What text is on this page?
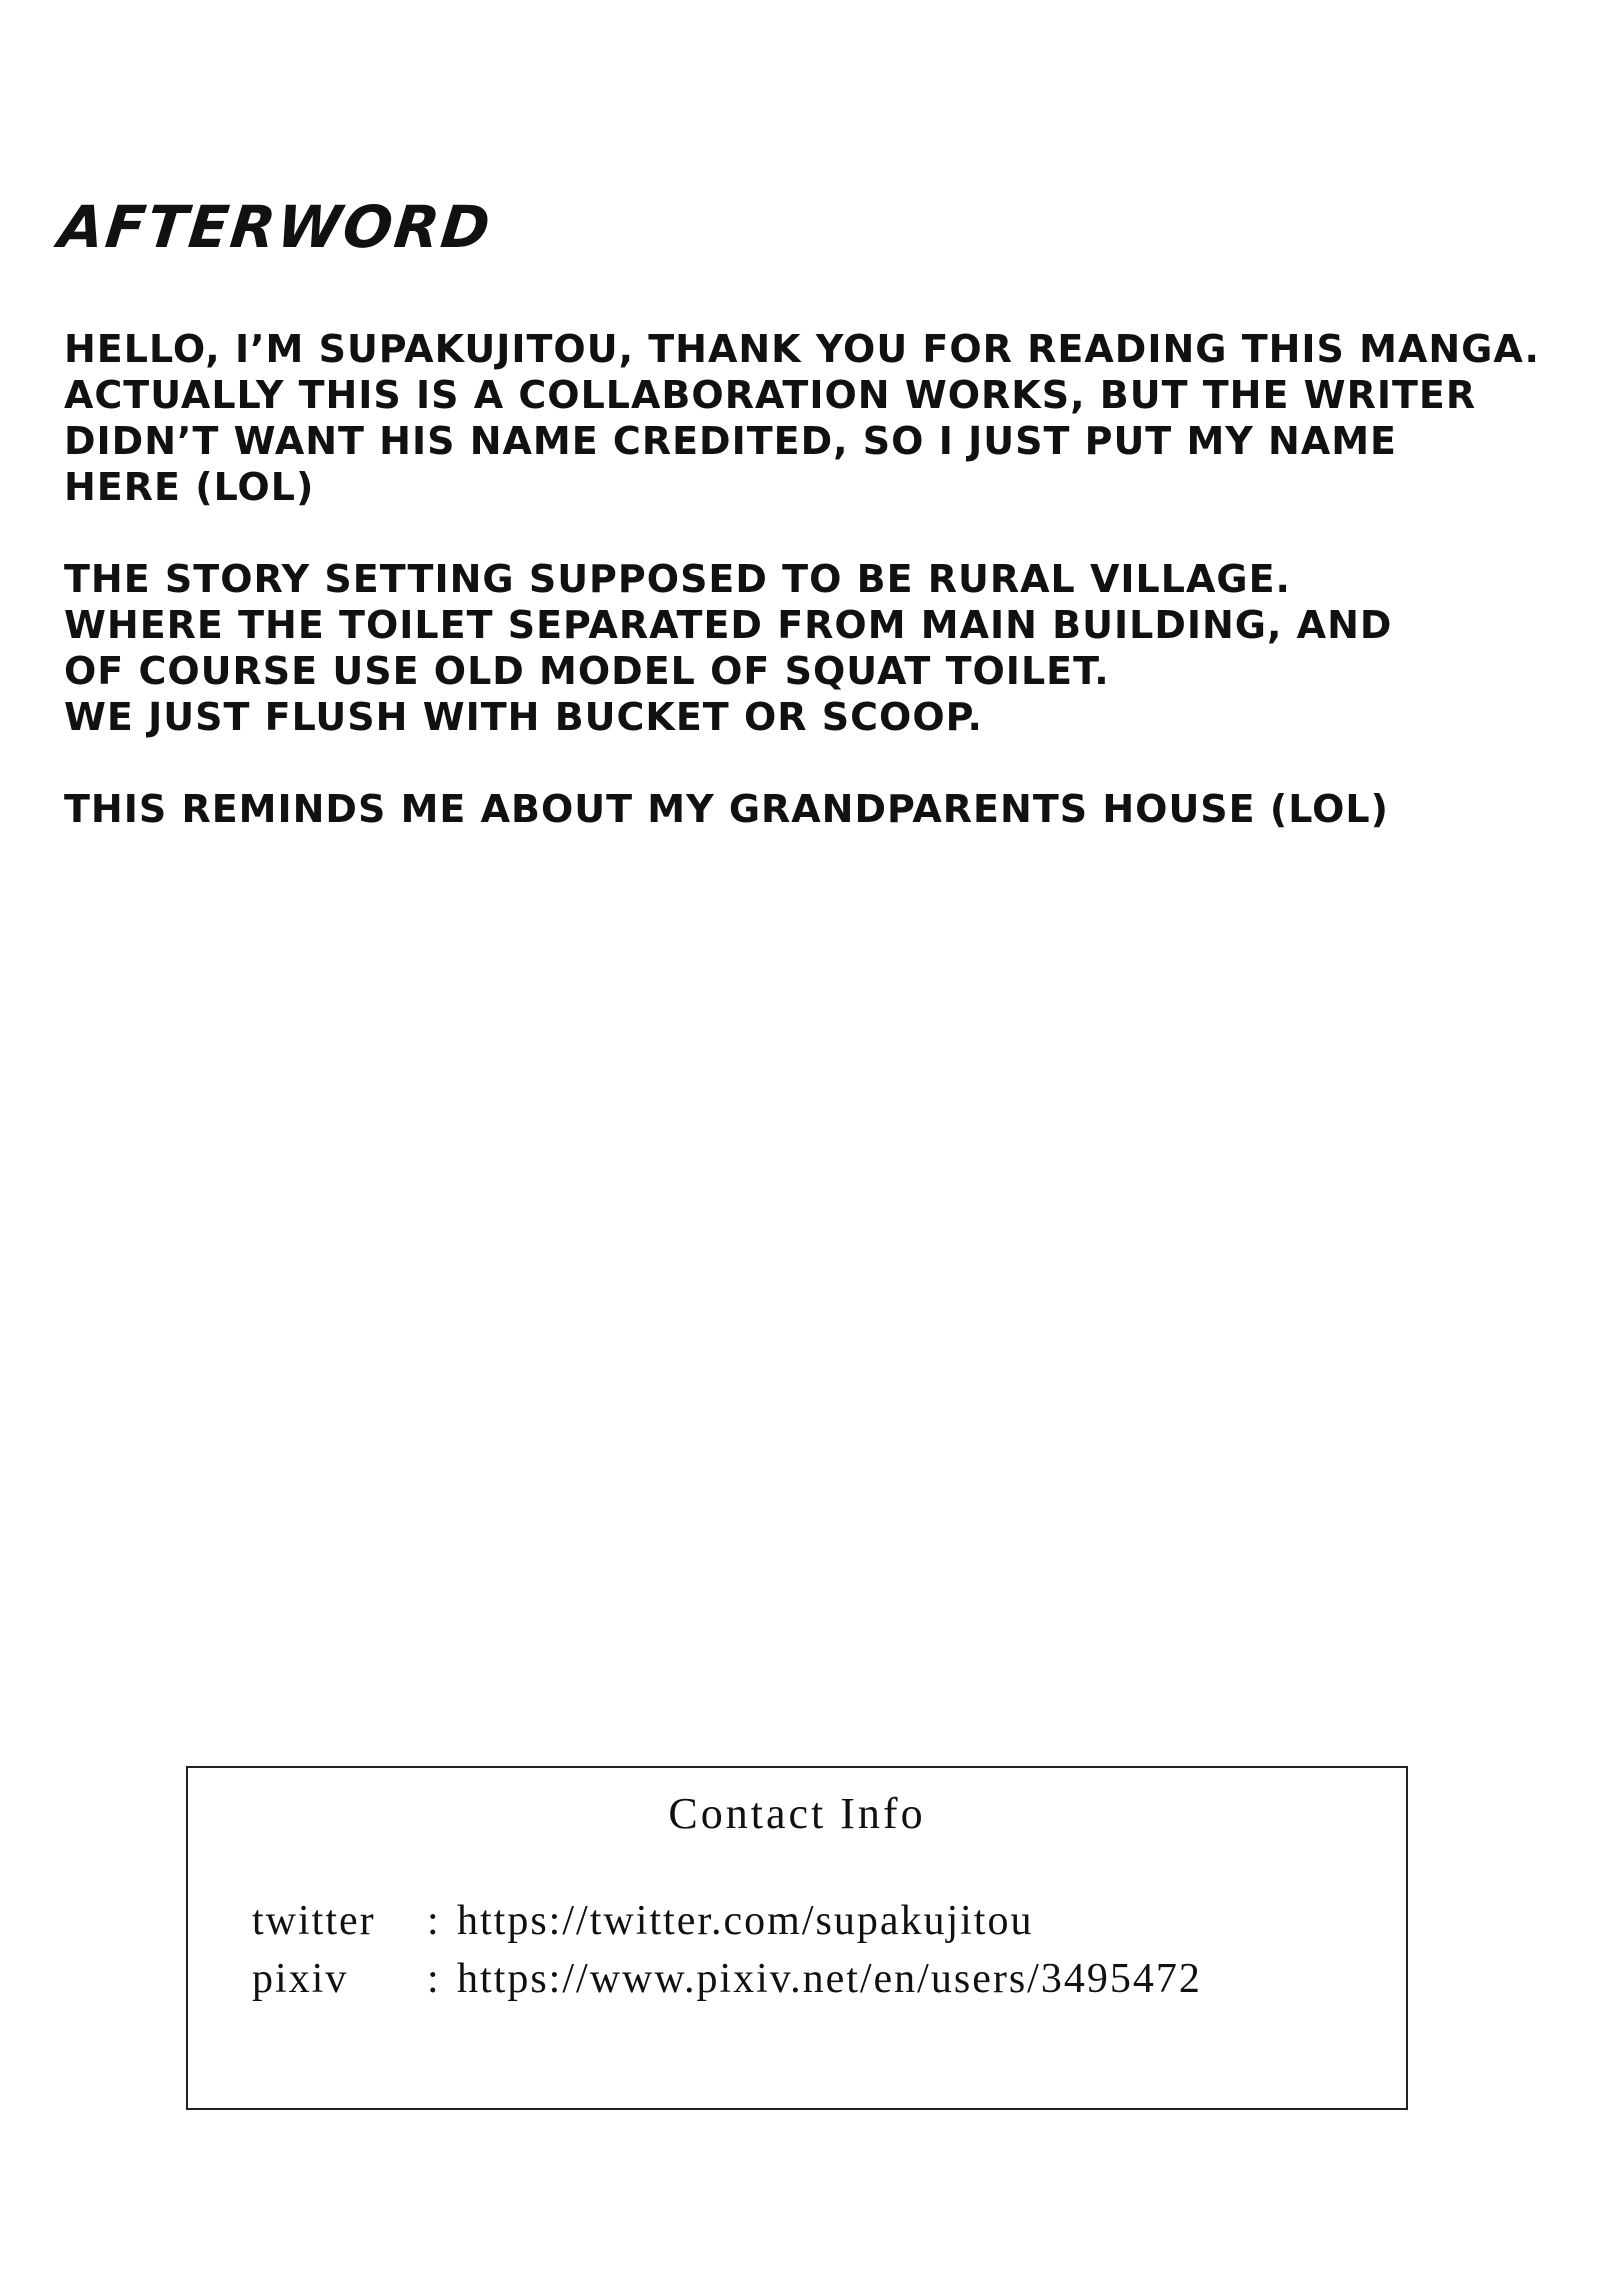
AFTERWORD

HELLO, I’M SUPAKUJITOU, THANK YOU FOR READING THIS MANGA.
ACTUALLY THIS IS A COLLABORATION WORKS, BUT THE WRITER
DIDN’T WANT HIS NAME CREDITED, SO I JUST PUT MY NAME
HERE (LOL)

THE STORY SETTING SUPPOSED TO BE RURAL VILLAGE.
WHERE THE TOILET SEPARATED FROM MAIN BUILDING, AND
OF COURSE USE OLD MODEL OF SQUAT TOILET.
WE JUST FLUSH WITH BUCKET OR SCOOP.

THIS REMINDS ME ABOUT MY GRANDPARENTS HOUSE (LOL)

Contact Info
twitter	: https://twitter.com/supakujitou
pixiv	: https://www.pixiv.net/en/users/3495472
